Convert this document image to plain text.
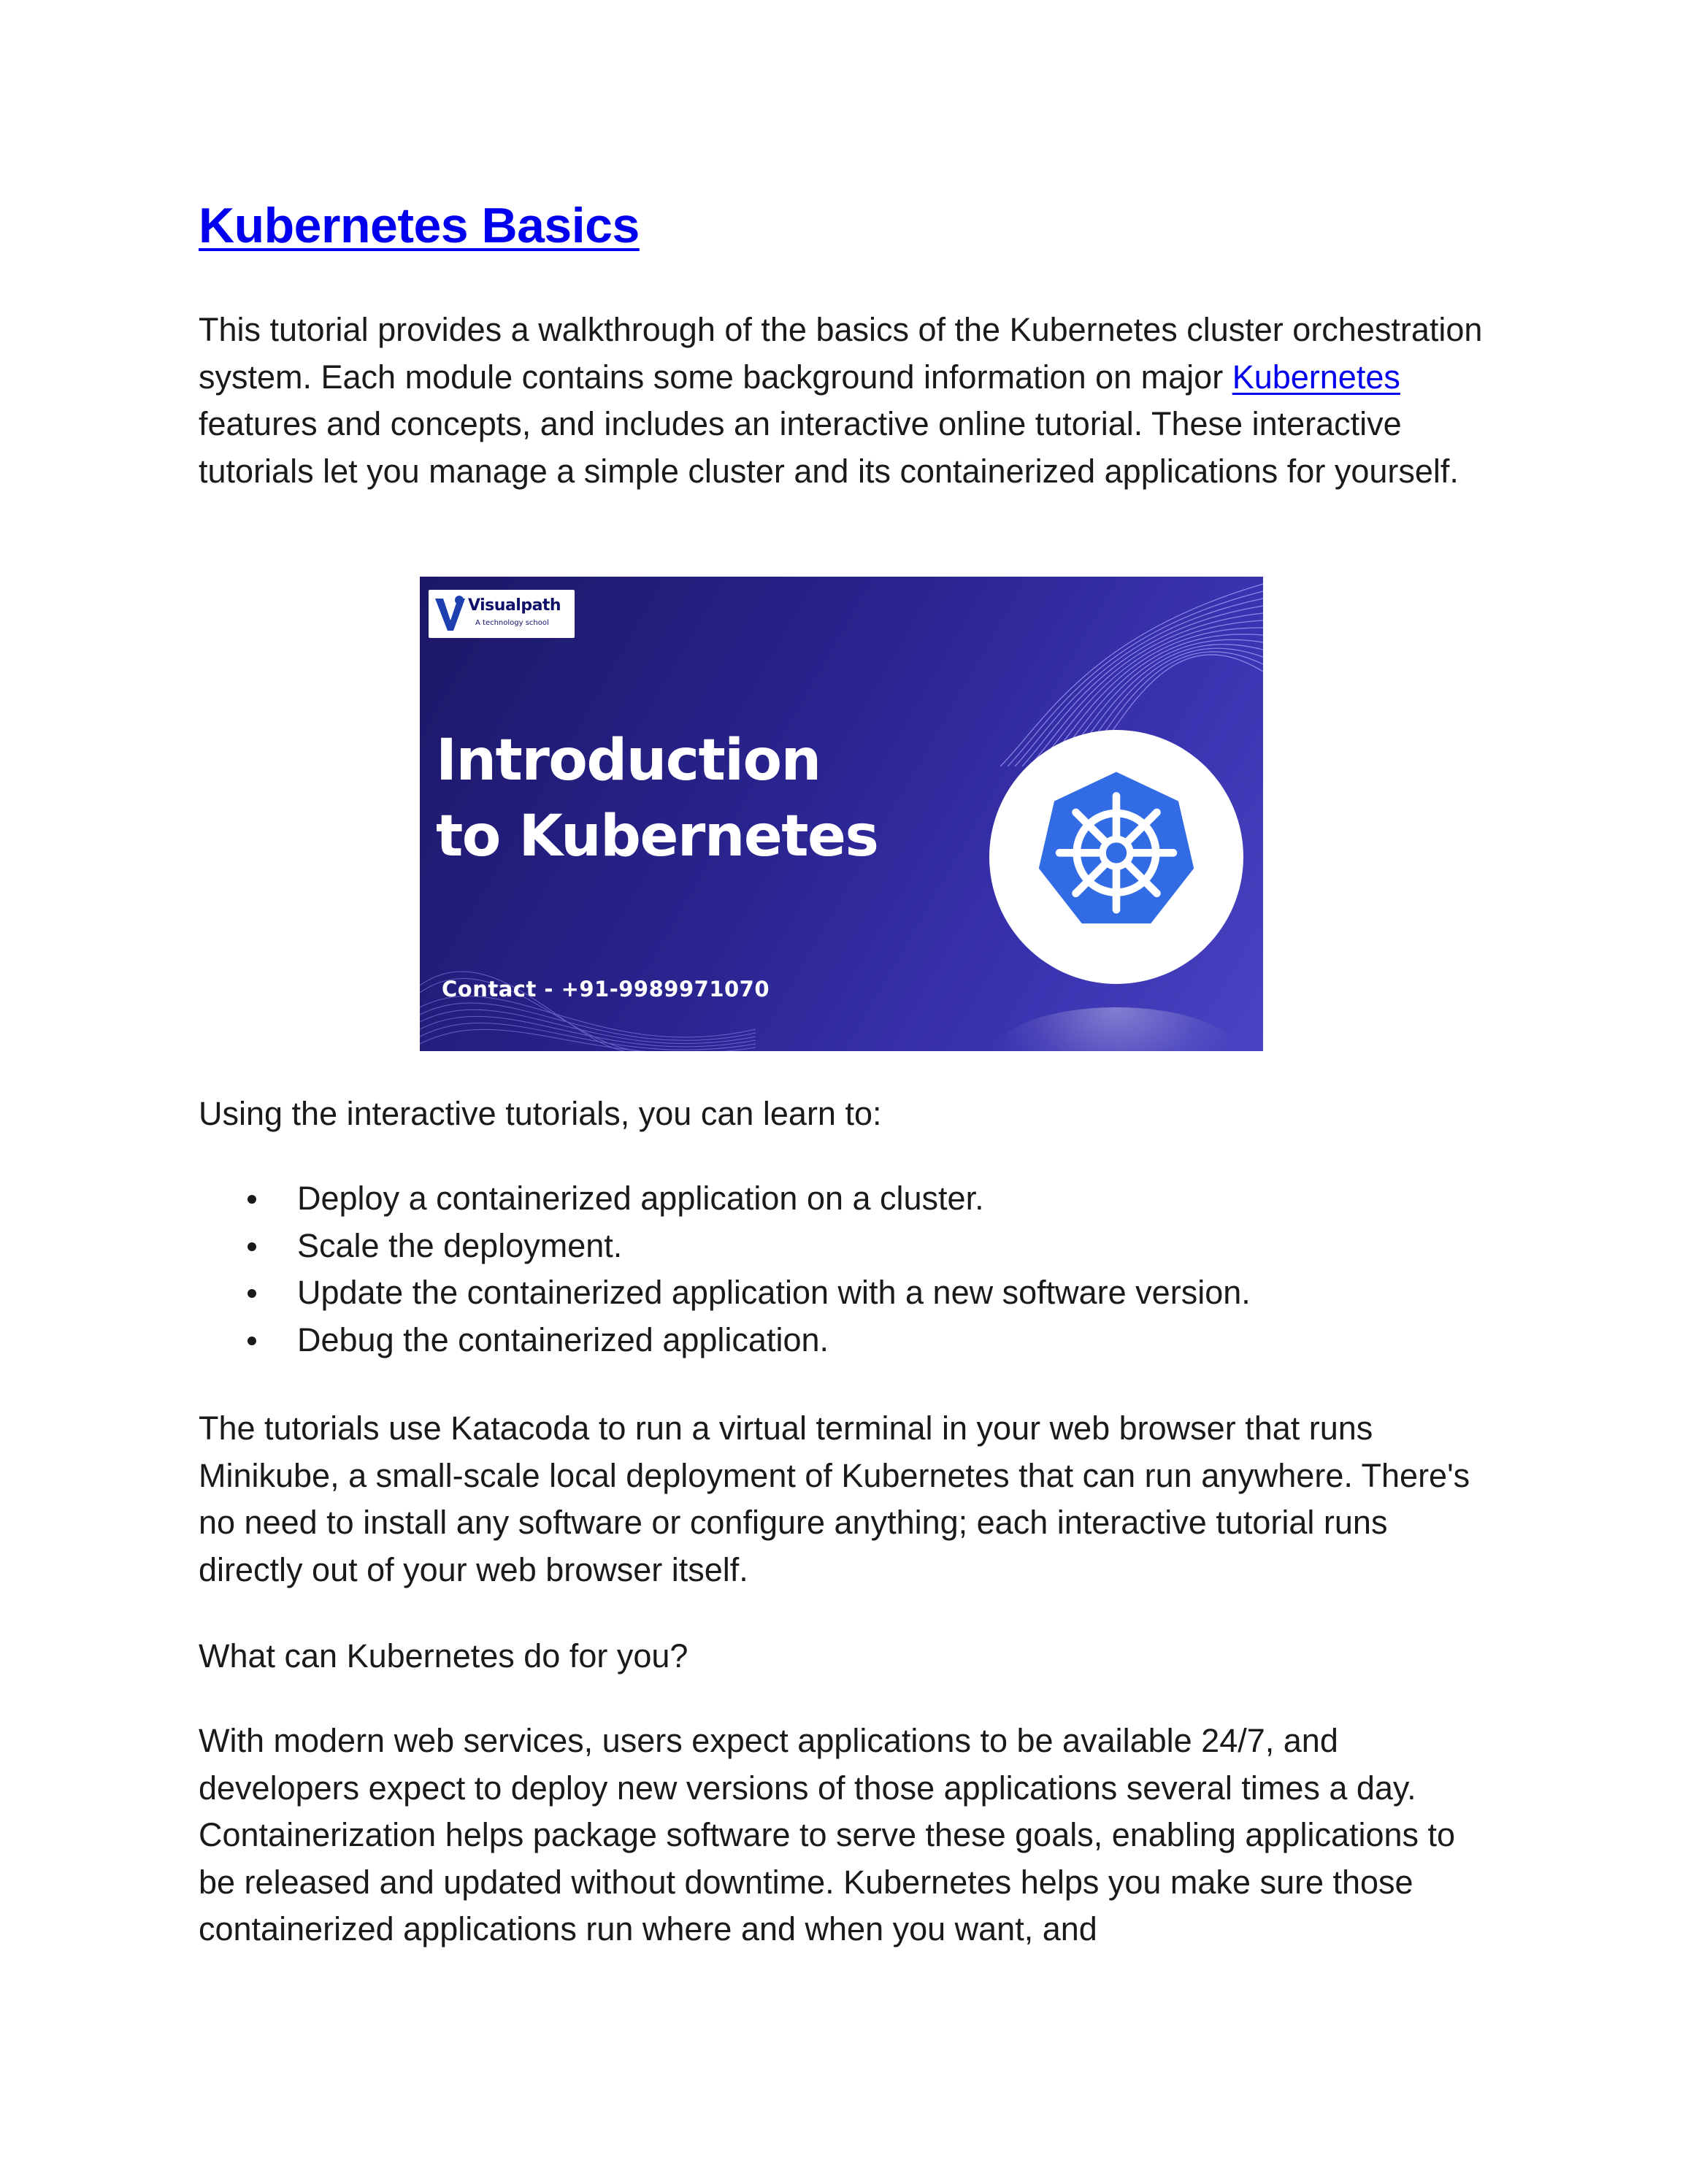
Kubernetes Basics

This tutorial provides a walkthrough of the basics of the Kubernetes cluster orchestration system. Each module contains some background information on major Kubernetes features and concepts, and includes an interactive online tutorial. These interactive tutorials let you manage a simple cluster and its containerized applications for yourself.

Using the interactive tutorials, you can learn to:

Deploy a containerized application on a cluster.
Scale the deployment.
Update the containerized application with a new software version.
Debug the containerized application.

The tutorials use Katacoda to run a virtual terminal in your web browser that runs Minikube, a small-scale local deployment of Kubernetes that can run anywhere. There's no need to install any software or configure anything; each interactive tutorial runs directly out of your web browser itself.

What can Kubernetes do for you?

With modern web services, users expect applications to be available 24/7, and developers expect to deploy new versions of those applications several times a day. Containerization helps package software to serve these goals, enabling applications to be released and updated without downtime. Kubernetes helps you make sure those containerized applications run where and when you want, and

Visualpath
A technology school
Introduction
to Kubernetes
Contact - +91-9989971070
